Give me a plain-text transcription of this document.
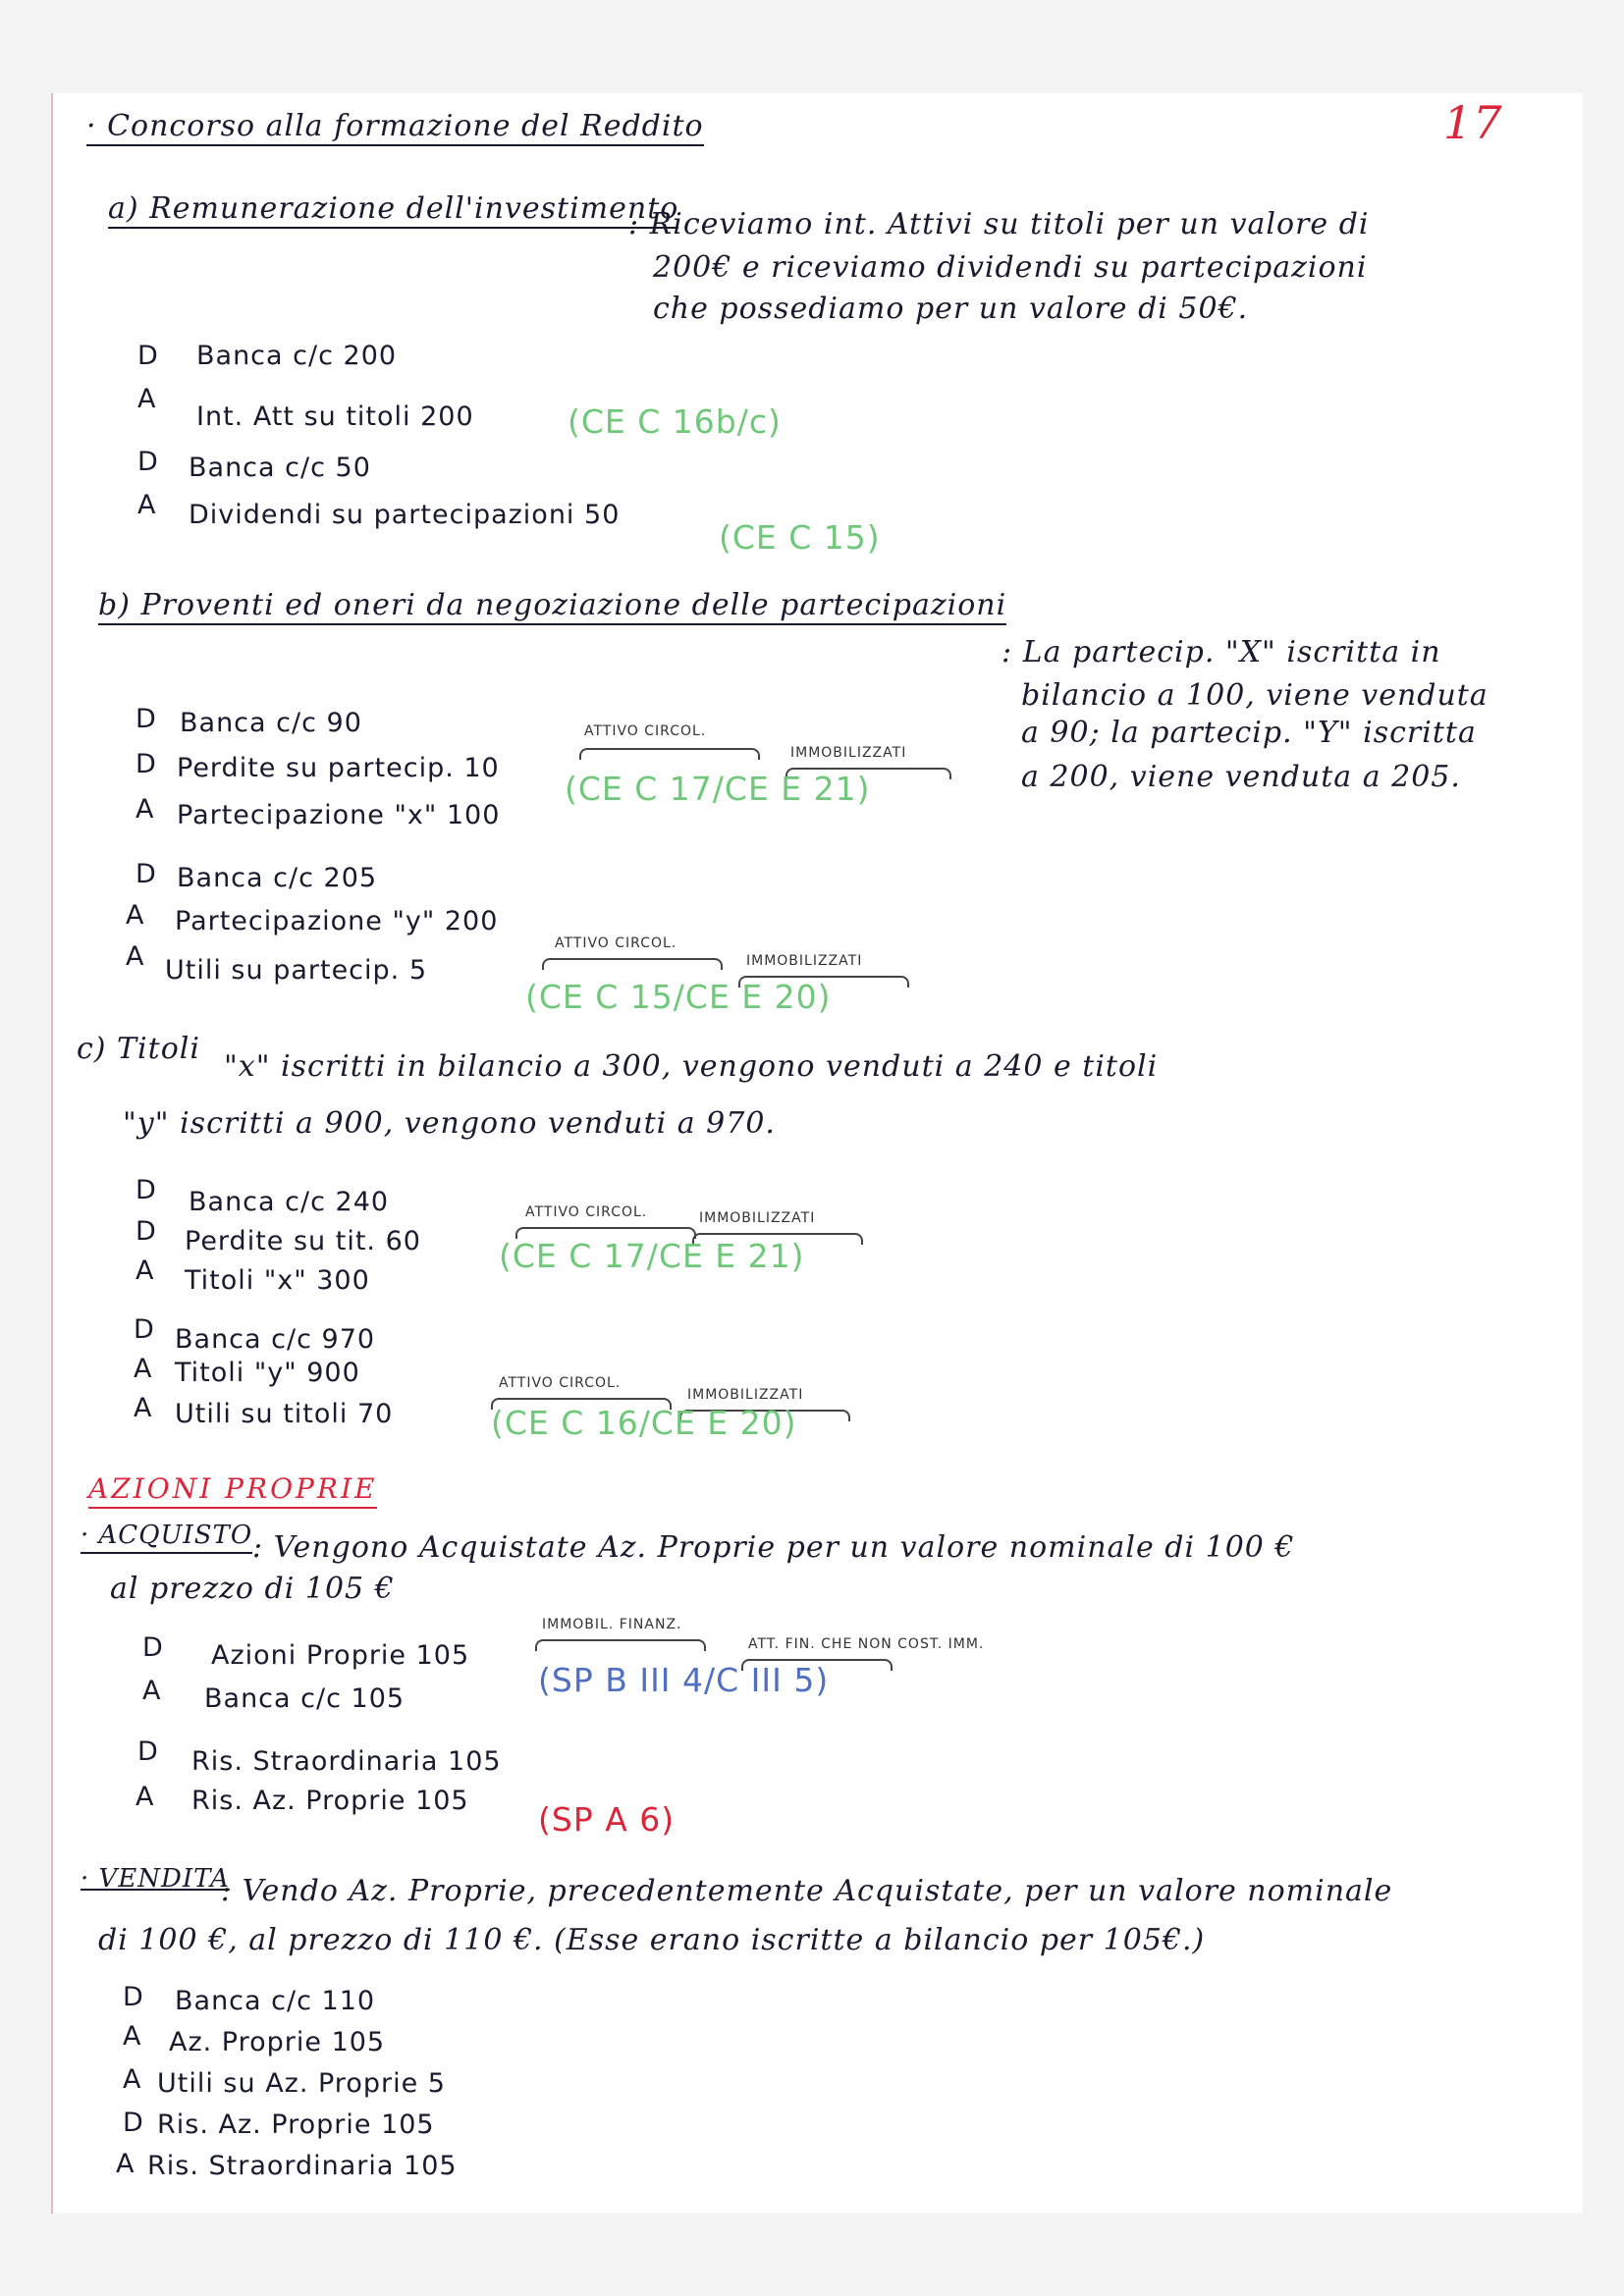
17
· Concorso alla formazione del Reddito
a) Remunerazione dell'investimento
: Riceviamo int. Attivi su titoli per un valore di
200€ e riceviamo dividendi su partecipazioni
che possediamo per un valore di 50€.
D Banca c/c 200
A
Int. Att su titoli 200	(CE C 16b/c)
D Banca c/c 50
A Dividendi su partecipazioni 50
(CE C 15)
b) Proventi ed oneri da negoziazione delle partecipazioni
: La partecip. "X" iscritta in
bilancio a 100, viene venduta
a 90; la partecip. "Y" iscritta
a 200, viene venduta a 205.
D Banca c/c 90
D Perdite su partecip. 10
A Partecipazione "x" 100
ATTIVO CIRCOL.
IMMOBILIZZATI
(CE C 17/CE E 21)
D Banca c/c 205
A Partecipazione "y" 200
A Utili su partecip. 5
ATTIVO CIRCOL.
IMMOBILIZZATI
(CE C 15/CE E 20)
c) Titoli
"x" iscritti in bilancio a 300, vengono venduti a 240 e titoli
"y" iscritti a 900, vengono venduti a 970.
D Banca c/c 240
D Perdite su tit. 60
A Titoli "x" 300
ATTIVO CIRCOL.	IMMOBILIZZATI
(CE C 17/CE E 21)
D Banca c/c 970
A Titoli "y" 900
A Utili su titoli 70
ATTIVO CIRCOL.
IMMOBILIZZATI
(CE C 16/CE E 20)
AZIONI PROPRIE
· ACQUISTO : Vengono Acquistate Az. Proprie per un valore nominale di 100 €
al prezzo di 105 €
IMMOBIL. FINANZ.
ATT. FIN. CHE NON COST. IMM.
D Azioni Proprie 105
(SP B III 4/C III 5)
A Banca c/c 105
D Ris. Straordinaria 105
A Ris. Az. Proprie 105 (SP A 6)
· VENDITA
: Vendo Az. Proprie, precedentemente Acquistate, per un valore nominale
di 100 €, al prezzo di 110 €. (Esse erano iscritte a bilancio per 105€.)
D Banca c/c 110
A Az. Proprie 105
A Utili su Az. Proprie 5
D Ris. Az. Proprie 105
A Ris. Straordinaria 105
